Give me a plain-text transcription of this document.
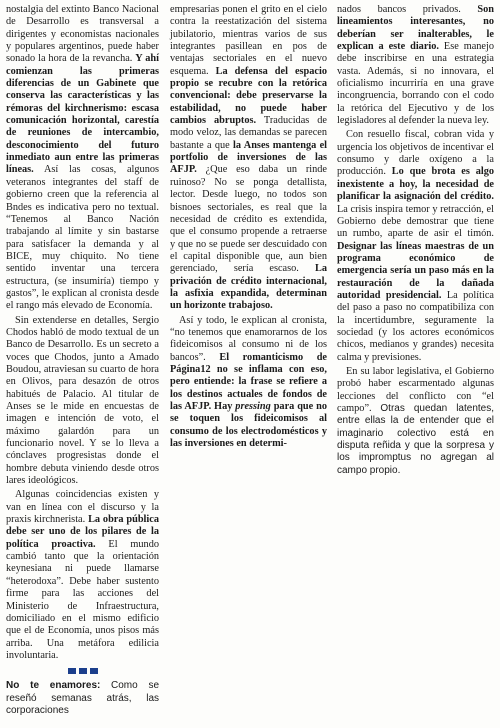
nostalgia del extinto Banco Nacional de Desarrollo es transversal a dirigentes y economistas nacionales y populares argentinos, puede haber sonado la hora de la revancha. Y ahí comienzan las primeras diferencias de un Gabinete que conserva las características y las rémoras del kirchnerismo: escasa comunicación horizontal, carestía de reuniones de intercambio, desconocimiento del futuro inmediato aun entre las primeras líneas. Así las cosas, algunos veteranos integrantes del staff de gobierno creen que la referencia al Bndes es indicativa pero no textual. “Tenemos al Banco Nación trabajando al límite y sin bastarse para satisfacer la demanda y al BICE, muy chiquito. No tiene sentido inventar una tercera estructura, (se insumiría) tiempo y gastos”, le explican al cronista desde el rango más elevado de Economía.

Sin extenderse en detalles, Sergio Chodos habló de modo textual de un Banco de Desarrollo. Es un secreto a voces que Chodos, junto a Amado Boudou, atraviesan su cuarto de hora en Olivos, para desazón de otros habitués de Palacio. Al titular de Anses se le mide en encuestas de imagen e intención de voto, el máximo galardón para un funcionario novel. Y se lo lleva a cónclaves progresistas donde el hombre debuta viniendo desde otros lares ideológicos.

Algunas coincidencias existen y van en línea con el discurso y la praxis kirchnerista. La obra pública debe ser uno de los pilares de la política proactiva. El mundo cambió tanto que la orientación keynesiana ni puede llamarse “heterodoxa”. Debe haber sustento firme para las acciones del Ministerio de Infraestructura, domiciliado en el mismo edificio que el de Economía, unos pisos más arriba. Una metáfora edilicia involuntaria.

No te enamores: Como se reseñó semanas atrás, las corporaciones

empresarias ponen el grito en el cielo contra la reestatización del sistema jubilatorio, mientras varios de sus integrantes pasillean en pos de ventajas sectoriales en el nuevo esquema. La defensa del espacio propio se recubre con la retórica convencional: debe preservarse la estabilidad, no puede haber cambios abruptos. Traducidas de modo veloz, las demandas se parecen bastante a que la Anses mantenga el portfolio de inversiones de las AFJP. ¿Que eso daba un rinde ruinoso? No se ponga detallista, lector. Desde luego, no todos son bisnoes sectoriales, es real que la necesidad de crédito es extendida, que el consumo propende a retraerse y que no se puede ser descuidado con el capital disponible que, aun bien gerenciado, sería escaso. La privación de crédito internacional, la asfixia expandida, determinan un horizonte trabajoso.

Así y todo, le explican al cronista, “no tenemos que enamorarnos de los fideicomisos al consumo ni de los bancos”. El romanticismo de Página12 no se inflama con eso, pero entiende: la frase se refiere a los destinos actuales de fondos de las AFJP. Hay pressing para que no se toquen los fideicomisos al consumo de los electrodomésticos y las inversiones en determi-

nados bancos privados. Son lineamientos interesantes, no deberían ser inalterables, le explican a este diario. Ese manejo debe inscribirse en una estrategia vasta. Además, si no innovara, el oficialismo incurriría en una grave incongruencia, borrando con el codo la retórica del Ejecutivo y de los legisladores al defender la nueva ley.

Con resuello fiscal, cobran vida y urgencia los objetivos de incentivar el consumo y darle oxígeno a la producción. Lo que brota es algo inexistente a hoy, la necesidad de planificar la asignación del crédito. La crisis inspira temor y retracción, el Gobierno debe demostrar que tiene un rumbo, aparte de asir el timón. Designar las líneas maestras de un programa económico de emergencia sería un paso más en la restauración de la dañada autoridad presidencial. La política del paso a paso no compatibiliza con la incertidumbre, seguramente la sociedad (y los actores económicos chicos, medianos y grandes) necesita calma y previsiones.

En su labor legislativa, el Gobierno probó haber escarmentado algunas lecciones del conflicto con “el campo”. Otras quedan latentes, entre ellas la de entender que el imaginario colectivo está en disputa reñida y que la sorpresa y los impromptus no agregan al campo propio.
